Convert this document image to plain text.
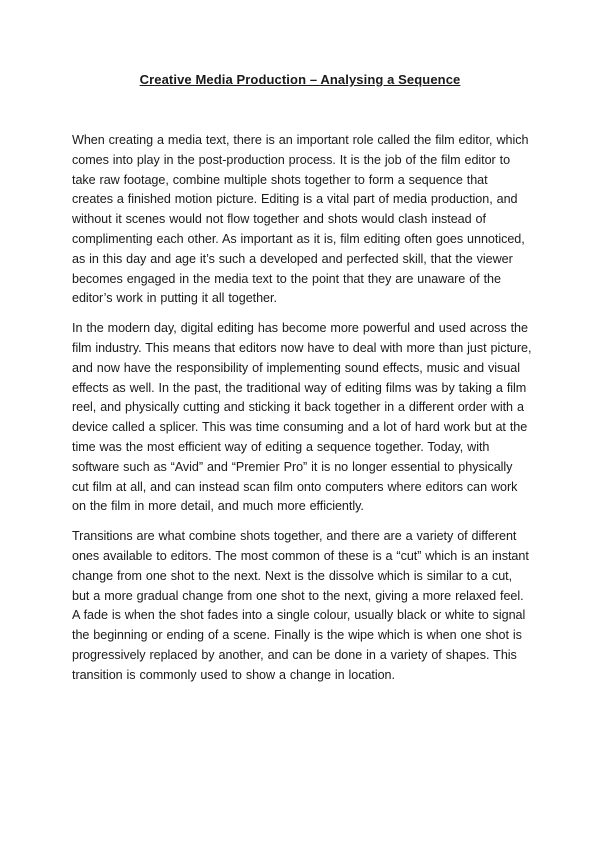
Creative Media Production – Analysing a Sequence

When creating a media text, there is an important role called the film editor, which comes into play in the post-production process. It is the job of the film editor to take raw footage, combine multiple shots together to form a sequence that creates a finished motion picture. Editing is a vital part of media production, and without it scenes would not flow together and shots would clash instead of complimenting each other. As important as it is, film editing often goes unnoticed, as in this day and age it’s such a developed and perfected skill, that the viewer becomes engaged in the media text to the point that they are unaware of the editor’s work in putting it all together.

In the modern day, digital editing has become more powerful and used across the film industry. This means that editors now have to deal with more than just picture, and now have the responsibility of implementing sound effects, music and visual effects as well. In the past, the traditional way of editing films was by taking a film reel, and physically cutting and sticking it back together in a different order with a device called a splicer. This was time consuming and a lot of hard work but at the time was the most efficient way of editing a sequence together. Today, with software such as “Avid” and “Premier Pro” it is no longer essential to physically cut film at all, and can instead scan film onto computers where editors can work on the film in more detail, and much more efficiently.

Transitions are what combine shots together, and there are a variety of different ones available to editors. The most common of these is a “cut” which is an instant change from one shot to the next. Next is the dissolve which is similar to a cut, but a more gradual change from one shot to the next, giving a more relaxed feel. A fade is when the shot fades into a single colour, usually black or white to signal the beginning or ending of a scene. Finally is the wipe which is when one shot is progressively replaced by another, and can be done in a variety of shapes. This transition is commonly used to show a change in location.
